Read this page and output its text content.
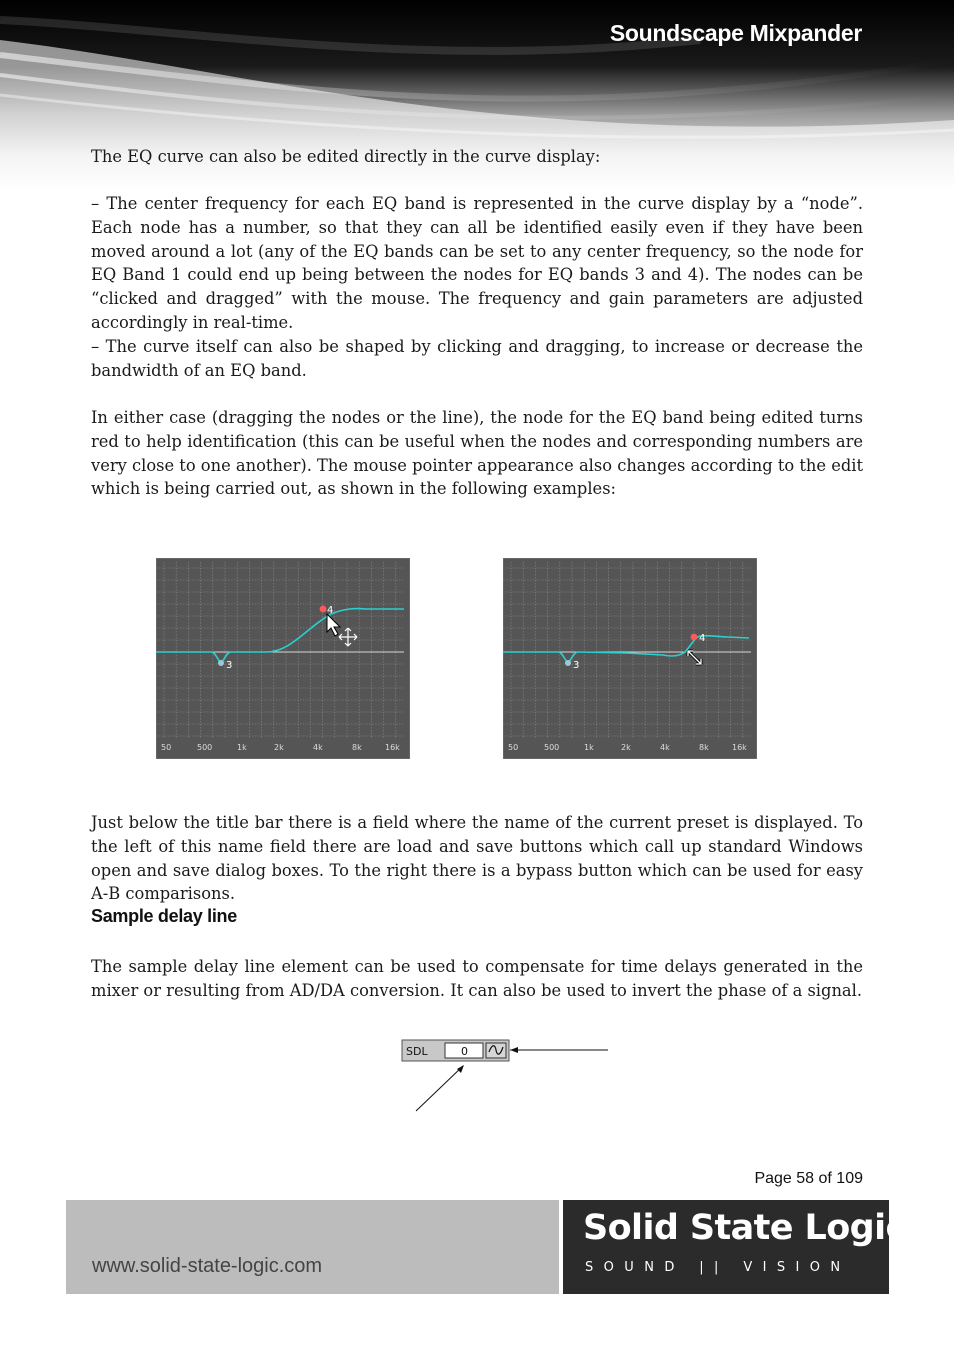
Soundscape Mixpander

The EQ curve can also be edited directly in the curve display:

– The center frequency for each EQ band is represented in the curve display by a “node”. Each node has a number, so that they can all be identified easily even if they have been moved around a lot (any of the EQ bands can be set to any center frequency, so the node for EQ Band 1 could end up being between the nodes for EQ bands 3 and 4). The nodes can be “clicked and dragged” with the mouse. The frequency and gain parameters are adjusted accordingly in real-time.

– The curve itself can also be shaped by clicking and dragging, to increase or decrease the bandwidth of an EQ band.

In either case (dragging the nodes or the line), the node for the EQ band being edited turns red to help identification (this can be useful when the nodes and corresponding numbers are very close to one another). The mouse pointer appearance also changes according to the edit which is being carried out, as shown in the following examples:

3
4
50	500	1k	2k	4k	8k	16k
3
4
50	500	1k	2k	4k	8k	16k

Just below the title bar there is a field where the name of the current preset is displayed. To the left of this name field there are load and save buttons which call up standard Windows open and save dialog boxes. To the right there is a bypass button which can be used for easy A-B comparisons.

Sample delay line

The sample delay line element can be used to compensate for time delays generated in the mixer or resulting from AD/DA conversion. It can also be used to invert the phase of a signal.

SDL	0
Page 58 of 109
www.solid-state-logic.com
Solid State Logic
SOUND || VISION
